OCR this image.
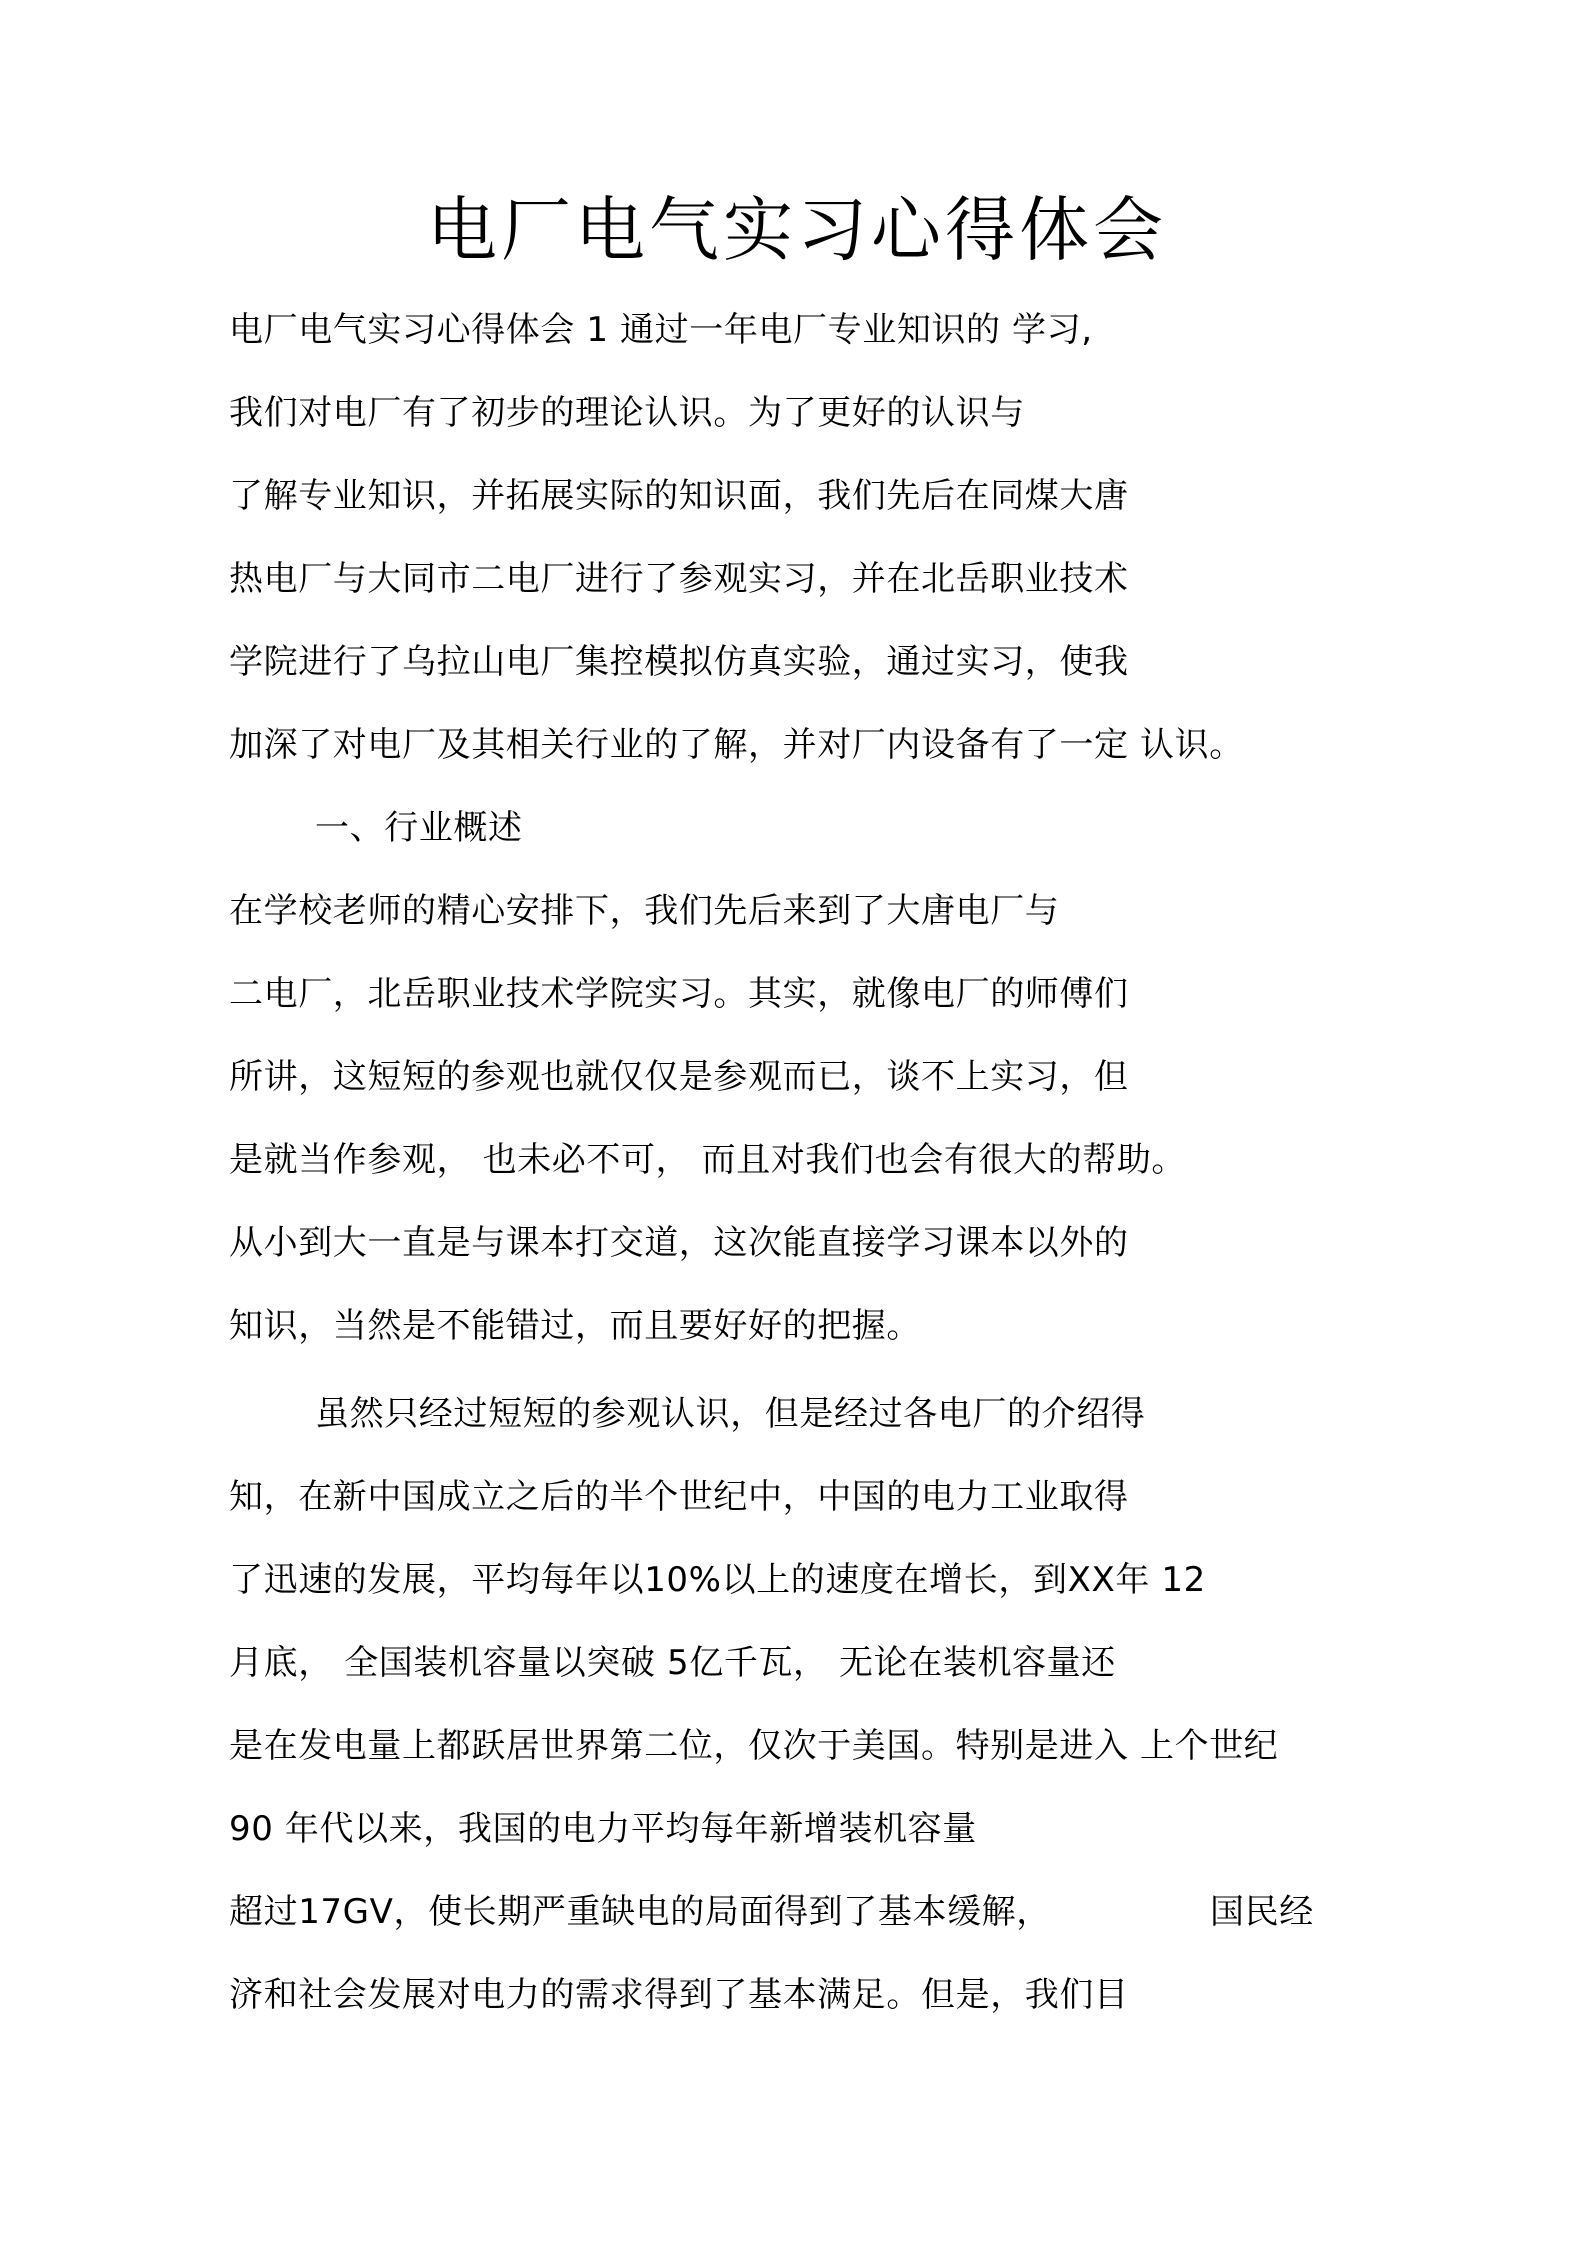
电厂电气实习心得体会
电厂电气实习心得体会 1 通过一年电厂专业知识的 学习,
我们对电厂有了初步的理论认识。为了更好的认识与
了解专业知识，并拓展实际的知识面，我们先后在同煤大唐
热电厂与大同市二电厂进行了参观实习，并在北岳职业技术
学院进行了乌拉山电厂集控模拟仿真实验，通过实习，使我
加深了对电厂及其相关行业的了解，并对厂内设备有了一定 认识。
一、行业概述
在学校老师的精心安排下，我们先后来到了大唐电厂与
二电厂，北岳职业技术学院实习。其实，就像电厂的师傅们
所讲，这短短的参观也就仅仅是参观而已，谈不上实习，但
是就当作参观， 也未必不可， 而且对我们也会有很大的帮助。
从小到大一直是与课本打交道，这次能直接学习课本以外的
知识，当然是不能错过，而且要好好的把握。
虽然只经过短短的参观认识，但是经过各电厂的介绍得
知，在新中国成立之后的半个世纪中，中国的电力工业取得
了迅速的发展，平均每年以10%以上的速度在增长，到XX年 12
月底， 全国装机容量以突破 5亿千瓦， 无论在装机容量还
是在发电量上都跃居世界第二位，仅次于美国。特别是进入 上个世纪
90 年代以来，我国的电力平均每年新增装机容量
超过17GV，使长期严重缺电的局面得到了基本缓解，	国民经
济和社会发展对电力的需求得到了基本满足。但是，我们目
